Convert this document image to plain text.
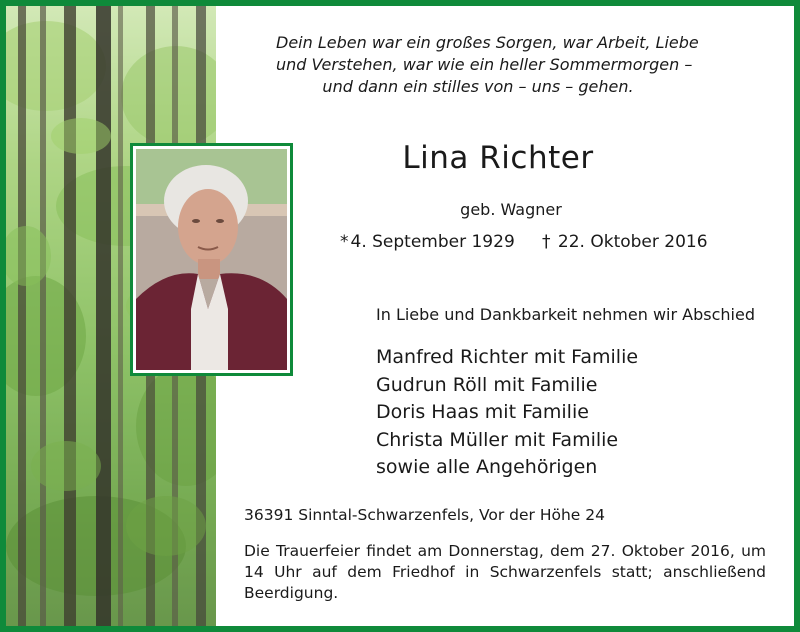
Dein Leben war ein großes Sorgen, war Arbeit, Liebe
und Verstehen, war wie ein heller Sommermorgen –
und dann ein stilles von – uns – gehen.
Lina Richter
geb. Wagner
* 4. September 1929 † 22. Oktober 2016
In Liebe und Dankbarkeit nehmen wir Abschied
Manfred Richter mit Familie
Gudrun Röll mit Familie
Doris Haas mit Familie
Christa Müller mit Familie
sowie alle Angehörigen
36391 Sinntal-Schwarzenfels, Vor der Höhe 24
Die Trauerfeier findet am Donnerstag, dem 27. Oktober 2016, um 14 Uhr auf dem Friedhof in Schwarzenfels statt; anschließend Beerdigung.
